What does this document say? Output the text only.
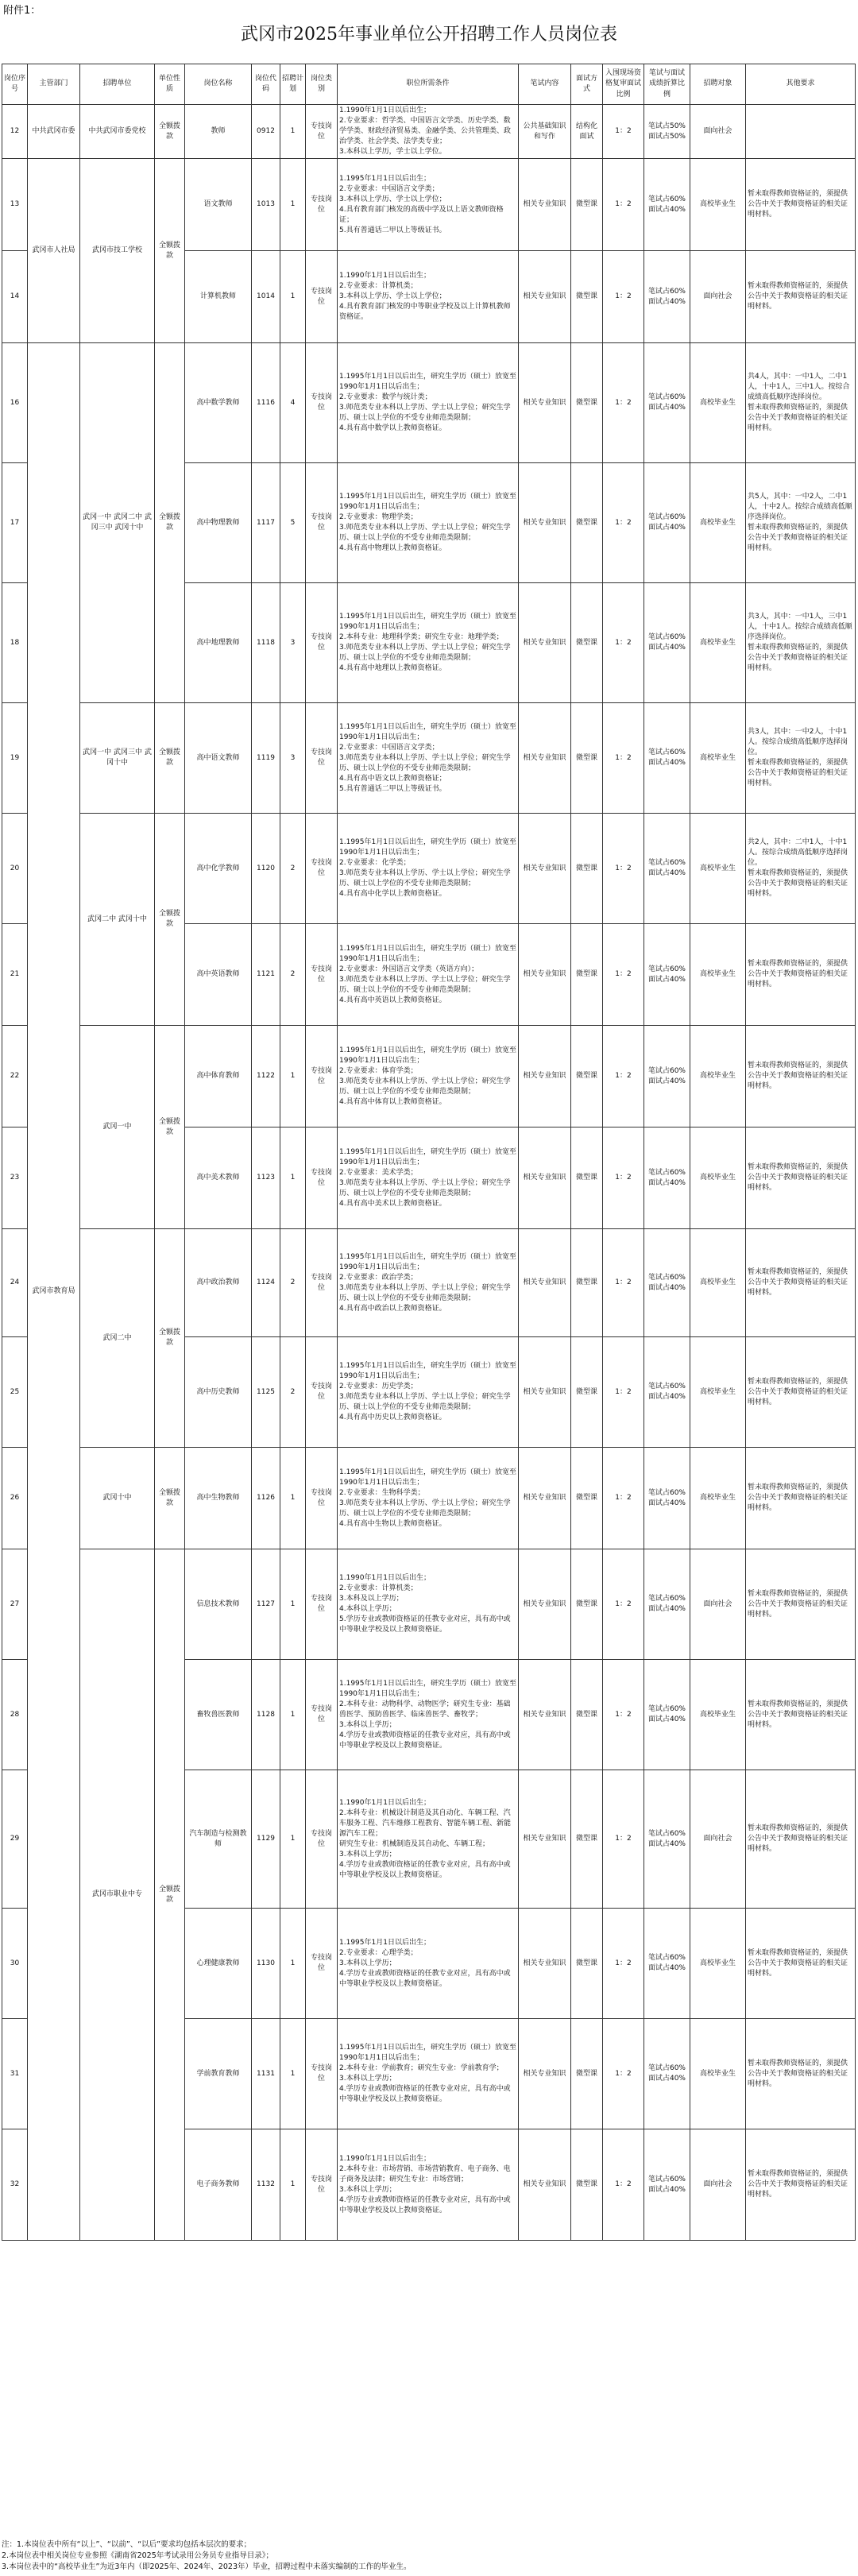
附件1：
武冈市2025年事业单位公开招聘工作人员岗位表
岗位序号	主管部门	招聘单位	单位性质	岗位名称	岗位代码	招聘计划	岗位类别	职位所需条件	笔试内容	面试方式	入围现场资格复审面试比例	笔试与面试成绩折算比例	招聘对象	其他要求
12	中共武冈市委	中共武冈市委党校	全额拨款	教师	0912	1	专技岗位	1.1990年1月1日以后出生；
2.专业要求：哲学类、中国语言文学类、历史学类、数学学类、财政经济贸易类、金融学类、公共管理类、政治学类、社会学类、法学类专业；
3.本科以上学历，学士以上学位。	公共基础知识和写作	结构化面试	1：2	笔试占50%
面试占50%	面向社会	
13	武冈市人社局	武冈市技工学校	全额拨款	语文教师	1013	1	专技岗位	1.1995年1月1日以后出生；
2.专业要求：中国语言文学类；
3.本科以上学历、学士以上学位；
4.具有教育部门核发的高级中学及以上语文教师资格证；
5.具有普通话二甲以上等级证书。	相关专业知识	微型课	1：2	笔试占60%
面试占40%	高校毕业生	暂未取得教师资格证的，须提供公告中关于教师资格证的相关证明材料。

14				计算机教师	1014	1	专技岗位	1.1990年1月1日以后出生；
2.专业要求：计算机类；
3.本科以上学历、学士以上学位；
4.具有教育部门核发的中等职业学校及以上计算机教师资格证。	相关专业知识	微型课	1：2	笔试占60%
面试占40%	面向社会	暂未取得教师资格证的，须提供公告中关于教师资格证的相关证明材料。

16	武冈市教育局	武冈一中 武冈二中 武冈三中 武冈十中	全额拨款	高中数学教师	1116	4	专技岗位	1.1995年1月1日以后出生，研究生学历（硕士）放宽至1990年1月1日以后出生；
2.专业要求：数学与统计类；
3.师范类专业本科以上学历、学士以上学位；研究生学历、硕士以上学位的不受专业师范类限制；
4.具有高中数学以上教师资格证。	相关专业知识	微型课	1：2	笔试占60%
面试占40%	高校毕业生	共4人，其中：一中1人，二中1人，十中1人，三中1人。按综合成绩高低顺序选择岗位。
暂未取得教师资格证的，须提供公告中关于教师资格证的相关证明材料。

17				高中物理教师	1117	5	专技岗位	1.1995年1月1日以后出生，研究生学历（硕士）放宽至1990年1月1日以后出生；
2.专业要求：物理学类；
3.师范类专业本科以上学历、学士以上学位；研究生学历、硕士以上学位的不受专业师范类限制；
4.具有高中物理以上教师资格证。	相关专业知识	微型课	1：2	笔试占60%
面试占40%	高校毕业生	共5人，其中：一中2人，二中1人，十中2人。按综合成绩高低顺序选择岗位。
暂未取得教师资格证的，须提供公告中关于教师资格证的相关证明材料。

18				高中地理教师	1118	3	专技岗位	1.1995年1月1日以后出生，研究生学历（硕士）放宽至1990年1月1日以后出生；
2.本科专业：地理科学类；研究生专业：地理学类；
3.师范类专业本科以上学历、学士以上学位；研究生学历、硕士以上学位的不受专业师范类限制；
4.具有高中地理以上教师资格证。	相关专业知识	微型课	1：2	笔试占60%
面试占40%	高校毕业生	共3人，其中：一中1人，三中1人，十中1人。按综合成绩高低顺序选择岗位。
暂未取得教师资格证的，须提供公告中关于教师资格证的相关证明材料。

19		武冈一中 武冈三中 武冈十中	全额拨款	高中语文教师	1119	3	专技岗位	1.1995年1月1日以后出生，研究生学历（硕士）放宽至1990年1月1日以后出生；
2.专业要求：中国语言文学类；
3.师范类专业本科以上学历、学士以上学位；研究生学历、硕士以上学位的不受专业师范类限制；
4.具有高中语文以上教师资格证；
5.具有普通话二甲以上等级证书。	相关专业知识	微型课	1：2	笔试占60%
面试占40%	高校毕业生	共3人，其中：一中2人，十中1人。按综合成绩高低顺序选择岗位。
暂未取得教师资格证的，须提供公告中关于教师资格证的相关证明材料。

20		武冈二中 武冈十中	全额拨款	高中化学教师	1120	2	专技岗位	1.1995年1月1日以后出生，研究生学历（硕士）放宽至1990年1月1日以后出生；
2.专业要求：化学类；
3.师范类专业本科以上学历、学士以上学位；研究生学历、硕士以上学位的不受专业师范类限制；
4.具有高中化学以上教师资格证。	相关专业知识	微型课	1：2	笔试占60%
面试占40%	高校毕业生	共2人，其中：二中1人，十中1人。按综合成绩高低顺序选择岗位。
暂未取得教师资格证的，须提供公告中关于教师资格证的相关证明材料。

21				高中英语教师	1121	2	专技岗位	1.1995年1月1日以后出生，研究生学历（硕士）放宽至1990年1月1日以后出生；
2.专业要求：外国语言文学类（英语方向）；
3.师范类专业本科以上学历、学士以上学位；研究生学历、硕士以上学位的不受专业师范类限制；
4.具有高中英语以上教师资格证。	相关专业知识	微型课	1：2	笔试占60%
面试占40%	高校毕业生	暂未取得教师资格证的，须提供公告中关于教师资格证的相关证明材料。

22		武冈一中	全额拨款	高中体育教师	1122	1	专技岗位	1.1995年1月1日以后出生，研究生学历（硕士）放宽至1990年1月1日以后出生；
2.专业要求：体育学类；
3.师范类专业本科以上学历、学士以上学位；研究生学历、硕士以上学位的不受专业师范类限制；
4.具有高中体育以上教师资格证。	相关专业知识	微型课	1：2	笔试占60%
面试占40%	高校毕业生	暂未取得教师资格证的，须提供公告中关于教师资格证的相关证明材料。

23				高中美术教师	1123	1	专技岗位	1.1995年1月1日以后出生，研究生学历（硕士）放宽至1990年1月1日以后出生；
2.专业要求：美术学类；
3.师范类专业本科以上学历、学士以上学位；研究生学历、硕士以上学位的不受专业师范类限制；
4.具有高中美术以上教师资格证。	相关专业知识	微型课	1：2	笔试占60%
面试占40%	高校毕业生	暂未取得教师资格证的，须提供公告中关于教师资格证的相关证明材料。

24		武冈二中	全额拨款	高中政治教师	1124	2	专技岗位	1.1995年1月1日以后出生，研究生学历（硕士）放宽至1990年1月1日以后出生；
2.专业要求：政治学类；
3.师范类专业本科以上学历、学士以上学位；研究生学历、硕士以上学位的不受专业师范类限制；
4.具有高中政治以上教师资格证。	相关专业知识	微型课	1：2	笔试占60%
面试占40%	高校毕业生	暂未取得教师资格证的，须提供公告中关于教师资格证的相关证明材料。

25				高中历史教师	1125	2	专技岗位	1.1995年1月1日以后出生，研究生学历（硕士）放宽至1990年1月1日以后出生；
2.专业要求：历史学类；
3.师范类专业本科以上学历、学士以上学位；研究生学历、硕士以上学位的不受专业师范类限制；
4.具有高中历史以上教师资格证。	相关专业知识	微型课	1：2	笔试占60%
面试占40%	高校毕业生	暂未取得教师资格证的，须提供公告中关于教师资格证的相关证明材料。

26		武冈十中	全额拨款	高中生物教师	1126	1	专技岗位	1.1995年1月1日以后出生，研究生学历（硕士）放宽至1990年1月1日以后出生；
2.专业要求：生物科学类；
3.师范类专业本科以上学历、学士以上学位；研究生学历、硕士以上学位的不受专业师范类限制；
4.具有高中生物以上教师资格证。	相关专业知识	微型课	1：2	笔试占60%
面试占40%	高校毕业生	暂未取得教师资格证的，须提供公告中关于教师资格证的相关证明材料。

27		武冈市职业中专	全额拨款	信息技术教师	1127	1	专技岗位	1.1990年1月1日以后出生；
2.专业要求：计算机类；
3.本科及以上学历；
4.本科以上学历；
5.学历专业或教师资格证的任教专业对应，具有高中或中等职业学校及以上教师资格证。	相关专业知识	微型课	1：2	笔试占60%
面试占40%	面向社会	暂未取得教师资格证的，须提供公告中关于教师资格证的相关证明材料。

28				畜牧兽医教师	1128	1	专技岗位	1.1995年1月1日以后出生，研究生学历（硕士）放宽至1990年1月1日以后出生；
2.本科专业：动物科学、动物医学；研究生专业：基础兽医学、预防兽医学、临床兽医学、畜牧学；
3.本科以上学历；
4.学历专业或教师资格证的任教专业对应，具有高中或中等职业学校及以上教师资格证。	相关专业知识	微型课	1：2	笔试占60%
面试占40%	高校毕业生	暂未取得教师资格证的，须提供公告中关于教师资格证的相关证明材料。

29				汽车制造与检测教师	1129	1	专技岗位	1.1990年1月1日以后出生；
2.本科专业：机械设计制造及其自动化、车辆工程、汽车服务工程、汽车维修工程教育、智能车辆工程、新能源汽车工程；
研究生专业：机械制造及其自动化、车辆工程；
3.本科以上学历；
4.学历专业或教师资格证的任教专业对应，具有高中或中等职业学校及以上教师资格证。	相关专业知识	微型课	1：2	笔试占60%
面试占40%	面向社会	暂未取得教师资格证的，须提供公告中关于教师资格证的相关证明材料。

30				心理健康教师	1130	1	专技岗位	1.1995年1月1日以后出生；
2.专业要求：心理学类；
3.本科以上学历；
4.学历专业或教师资格证的任教专业对应，具有高中或中等职业学校及以上教师资格证。	相关专业知识	微型课	1：2	笔试占60%
面试占40%	高校毕业生	暂未取得教师资格证的，须提供公告中关于教师资格证的相关证明材料。

31				学前教育教师	1131	1	专技岗位	1.1995年1月1日以后出生，研究生学历（硕士）放宽至1990年1月1日以后出生；
2.本科专业：学前教育；研究生专业：学前教育学；
3.本科以上学历；
4.学历专业或教师资格证的任教专业对应，具有高中或中等职业学校及以上教师资格证。	相关专业知识	微型课	1：2	笔试占60%
面试占40%	高校毕业生	暂未取得教师资格证的，须提供公告中关于教师资格证的相关证明材料。

32				电子商务教师	1132	1	专技岗位	1.1990年1月1日以后出生；
2.本科专业：市场营销、市场营销教育、电子商务、电子商务及法律；研究生专业：市场营销；
3.本科以上学历；
4.学历专业或教师资格证的任教专业对应，具有高中或中等职业学校及以上教师资格证。	相关专业知识	微型课	1：2	笔试占60%
面试占40%	面向社会	暂未取得教师资格证的，须提供公告中关于教师资格证的相关证明材料。
注：1.本岗位表中所有“以上”、“以前”、“以后”要求均包括本层次的要求；
2.本岗位表中相关岗位专业参照《湖南省2025年考试录用公务员专业指导目录》；
3.本岗位表中的“高校毕业生”为近3年内（即2025年、2024年、2023年）毕业，招聘过程中未落实编制的工作的毕业生。
